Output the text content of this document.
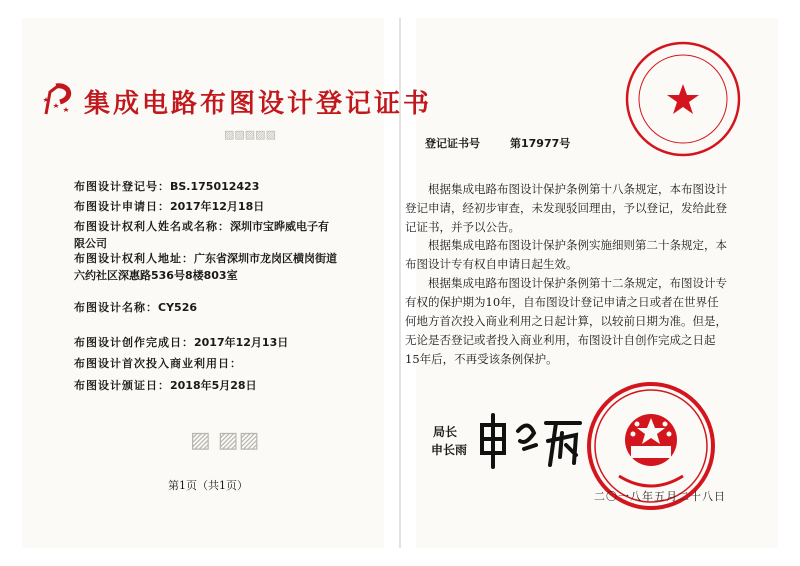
集成电路布图设计登记证书
▨▨▨▨▨
布图设计登记号：BS.175012423
布图设计申请日：2017年12月18日
布图设计权利人姓名或名称：深圳市宝晔威电子有限公司
布图设计权利人地址：广东省深圳市龙岗区横岗街道六约社区深惠路536号8楼803室
布图设计名称：CY526
布图设计创作完成日：2017年12月13日
布图设计首次投入商业利用日：
布图设计颁证日：2018年5月28日
▨ ▨▨
第1页（共1页）
登记证书号	第17977号
根据集成电路布图设计保护条例第十八条规定，本布图设计登记申请，经初步审查，未发现驳回理由，予以登记，发给此登记证书，并予以公告。
根据集成电路布图设计保护条例实施细则第二十条规定，本布图设计专有权自申请日起生效。
根据集成电路布图设计保护条例第十二条规定，布图设计专有权的保护期为10年，自布图设计登记申请之日或者在世界任何地方首次投入商业利用之日起计算，以较前日期为准。但是，无论是否登记或者投入商业利用，布图设计自创作完成之日起15年后，不再受该条例保护。
局长
申长雨
二〇一八年五月二十八日
